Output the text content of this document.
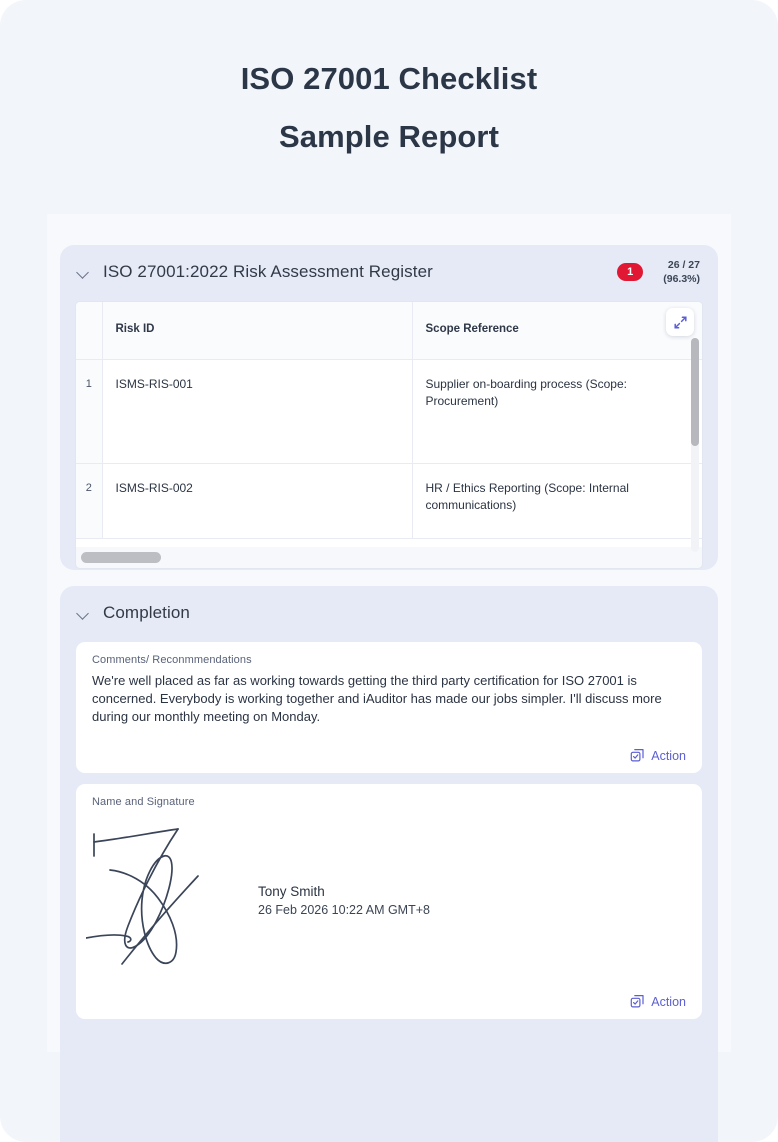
ISO 27001 Checklist
Sample Report
ISO 27001:2022 Risk Assessment Register	1
26 / 27
(96.3%)
	Risk ID	Scope Reference
1	ISMS-RIS-001	Supplier on-boarding process (Scope: Procurement)
2	ISMS-RIS-002	HR / Ethics Reporting (Scope: Internal communications)
Completion
Comments/ Reconmmendations
We're well placed as far as working towards getting the third party certification for ISO 27001 is concerned. Everybody is working together and iAuditor has made our jobs simpler. I'll discuss more during our monthly meeting on Monday.
Action
Name and Signature
Tony Smith
26 Feb 2026 10:22 AM GMT+8
Action
